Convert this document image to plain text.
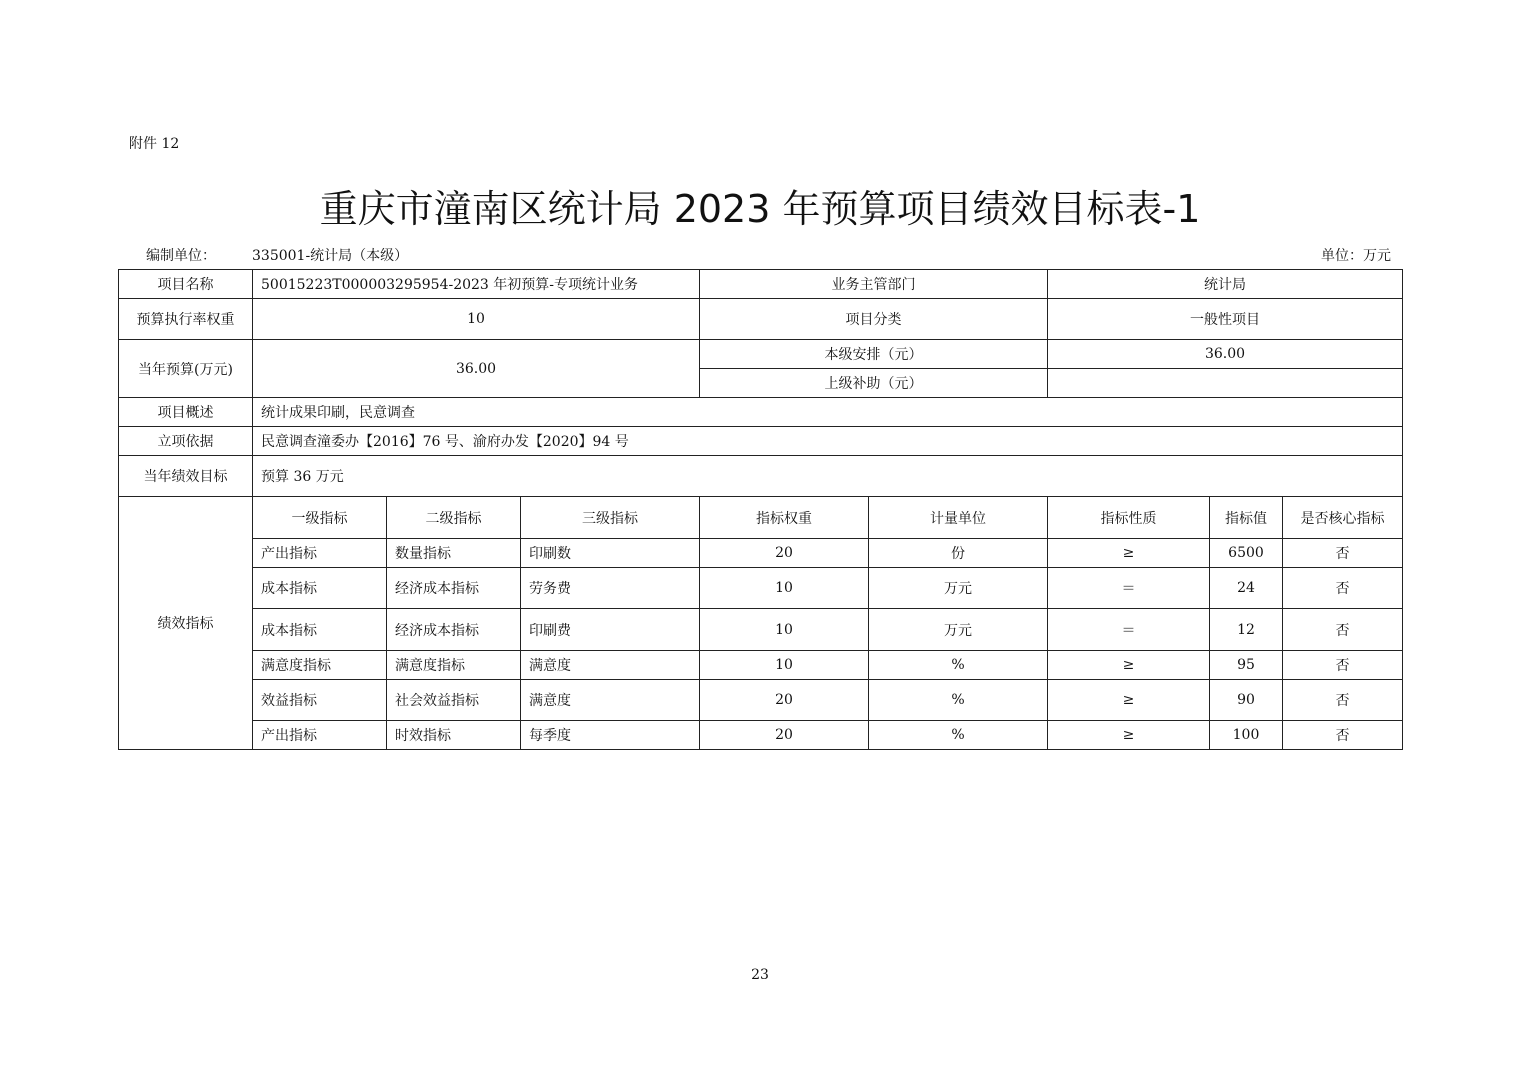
附件 12
重庆市潼南区统计局 2023 年预算项目绩效目标表-1
编制单位：	335001-统计局（本级）	单位：万元
项目名称	50015223T000003295954-2023 年初预算-专项统计业务			业务主管部门		统计局		
预算执行率权重	10			项目分类		一般性项目		
当年预算(万元)	36.00			本级安排（元）		36.00		
				上级补助（元）				
项目概述	统计成果印刷，民意调查							
立项依据	民意调查潼委办【2016】76 号、渝府办发【2020】94 号							
当年绩效目标	预算 36 万元							
绩效指标	一级指标	二级指标	三级指标	指标权重	计量单位	指标性质	指标值	是否核心指标
	产出指标	数量指标	印刷数	20	份	≥	6500	否
	成本指标	经济成本指标	劳务费	10	万元	＝	24	否
	成本指标	经济成本指标	印刷费	10	万元	＝	12	否
	满意度指标	满意度指标	满意度	10	%	≥	95	否
	效益指标	社会效益指标	满意度	20	%	≥	90	否
	产出指标	时效指标	每季度	20	%	≥	100	否
23
